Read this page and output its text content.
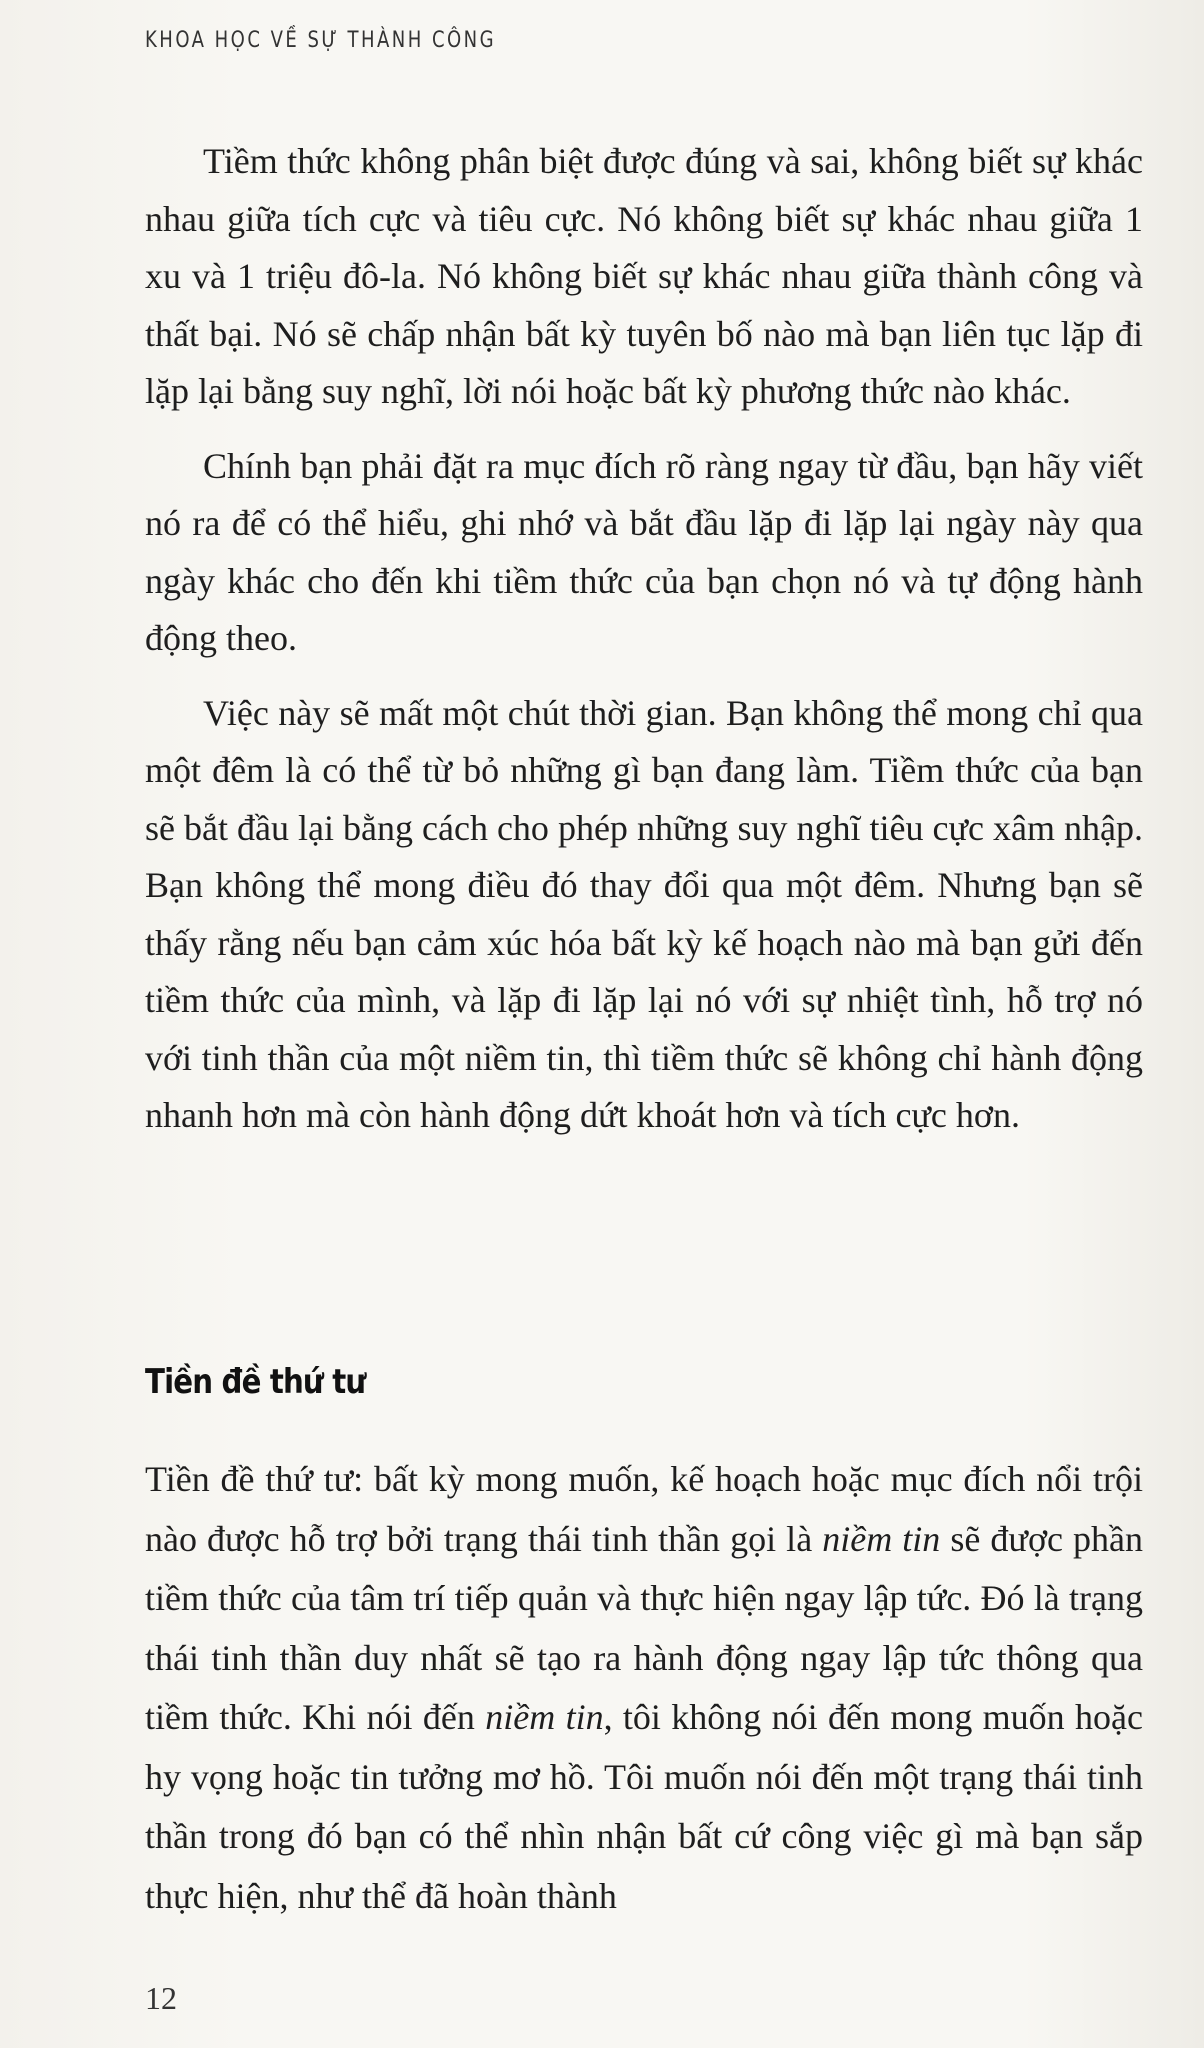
KHOA HỌC VỀ SỰ THÀNH CÔNG

Tiềm thức không phân biệt được đúng và sai, không biết sự khác nhau giữa tích cực và tiêu cực. Nó không biết sự khác nhau giữa 1 xu và 1 triệu đô-la. Nó không biết sự khác nhau giữa thành công và thất bại. Nó sẽ chấp nhận bất kỳ tuyên bố nào mà bạn liên tục lặp đi lặp lại bằng suy nghĩ, lời nói hoặc bất kỳ phương thức nào khác.

Chính bạn phải đặt ra mục đích rõ ràng ngay từ đầu, bạn hãy viết nó ra để có thể hiểu, ghi nhớ và bắt đầu lặp đi lặp lại ngày này qua ngày khác cho đến khi tiềm thức của bạn chọn nó và tự động hành động theo.

Việc này sẽ mất một chút thời gian. Bạn không thể mong chỉ qua một đêm là có thể từ bỏ những gì bạn đang làm. Tiềm thức của bạn sẽ bắt đầu lại bằng cách cho phép những suy nghĩ tiêu cực xâm nhập. Bạn không thể mong điều đó thay đổi qua một đêm. Nhưng bạn sẽ thấy rằng nếu bạn cảm xúc hóa bất kỳ kế hoạch nào mà bạn gửi đến tiềm thức của mình, và lặp đi lặp lại nó với sự nhiệt tình, hỗ trợ nó với tinh thần của một niềm tin, thì tiềm thức sẽ không chỉ hành động nhanh hơn mà còn hành động dứt khoát hơn và tích cực hơn.

Tiền đề thứ tư

Tiền đề thứ tư: bất kỳ mong muốn, kế hoạch hoặc mục đích nổi trội nào được hỗ trợ bởi trạng thái tinh thần gọi là niềm tin sẽ được phần tiềm thức của tâm trí tiếp quản và thực hiện ngay lập tức. Đó là trạng thái tinh thần duy nhất sẽ tạo ra hành động ngay lập tức thông qua tiềm thức. Khi nói đến niềm tin, tôi không nói đến mong muốn hoặc hy vọng hoặc tin tưởng mơ hồ. Tôi muốn nói đến một trạng thái tinh thần trong đó bạn có thể nhìn nhận bất cứ công việc gì mà bạn sắp thực hiện, như thể đã hoàn thành

12
